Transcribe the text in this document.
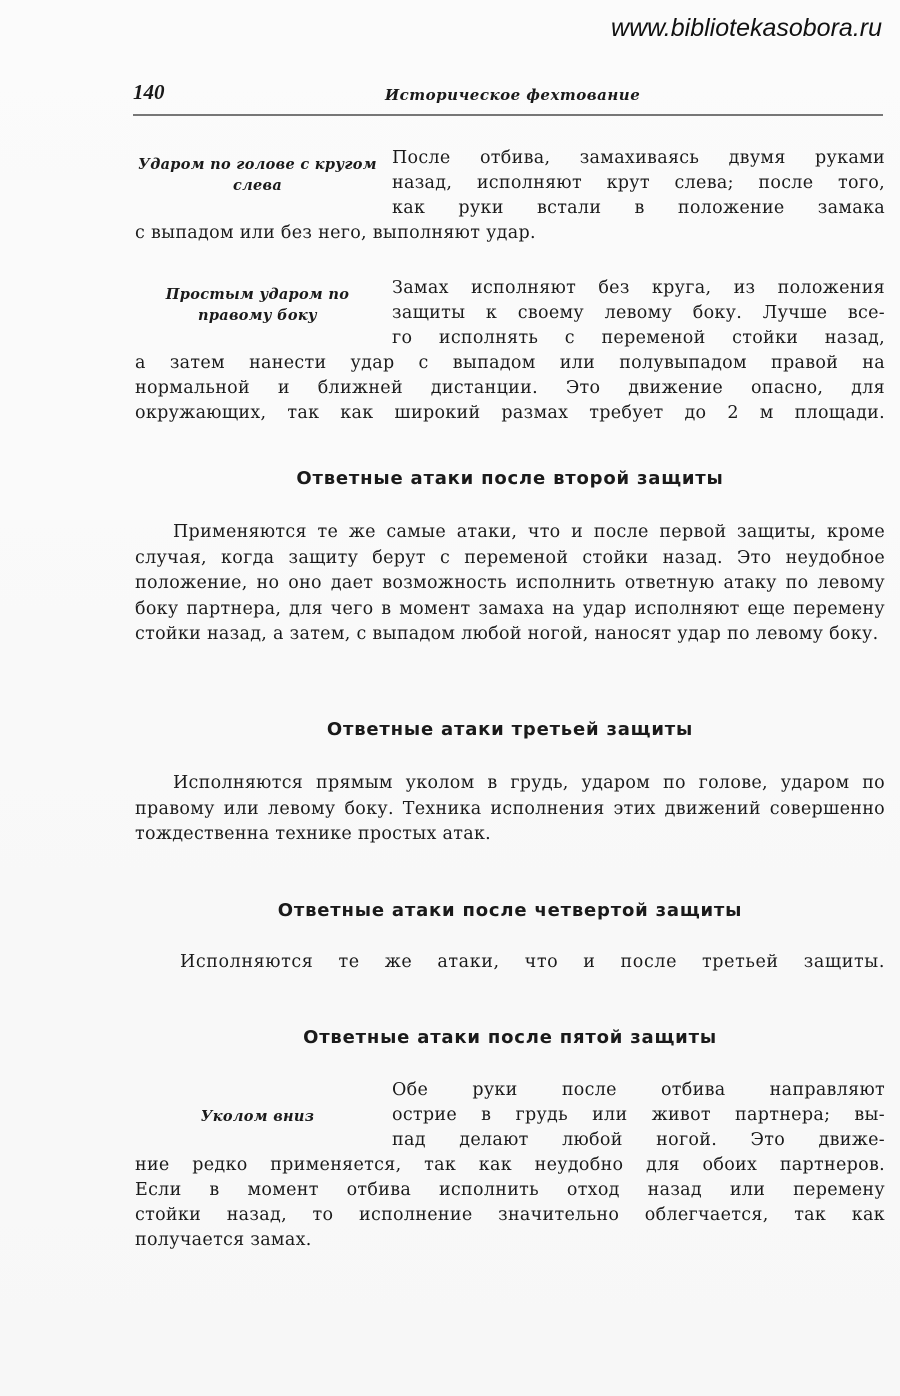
www.bibliotekasobora.ru
140	Историческое фехтование
Ударом по голове с кругом слева
После отбива, замахиваясь двумя руками
назад, исполняют крут слева; после того,
как руки встали в положение замака
с выпадом или без него, выполняют удар.
Простым ударом по правому боку
Замах исполняют без круга, из положения
защиты к своему левому боку. Лучше все-
го исполнять с переменой стойки назад,
а затем нанести удар с выпадом или полувыпадом правой на
нормальной и ближней дистанции. Это движение опасно, для
окружающих, так как широкий размах требует до 2 м площади.
Ответные атаки после второй защиты
Применяются те же самые атаки, что и после первой защиты, кроме случая, когда защиту берут с переменой стойки назад. Это неудобное положение, но оно дает возможность исполнить ответную атаку по левому боку партнера, для чего в момент замаха на удар исполняют еще перемену стойки назад, а затем, с выпадом любой ногой, наносят удар по левому боку.
Ответные атаки третьей защиты
Исполняются прямым уколом в грудь, ударом по голове, ударом по правому или левому боку. Техника исполнения этих движений совершенно тождественна технике простых атак.
Ответные атаки после четвертой защиты
Исполняются те же атаки, что и после третьей защиты.
Ответные атаки после пятой защиты
Уколом вниз
Обе руки после отбива направляют
острие в грудь или живот партнера; вы-
пад делают любой ногой. Это движе-
ние редко применяется, так как неудобно для обоих партнеров.
Если в момент отбива исполнить отход назад или перемену
стойки назад, то исполнение значительно облегчается, так как
получается замах.
